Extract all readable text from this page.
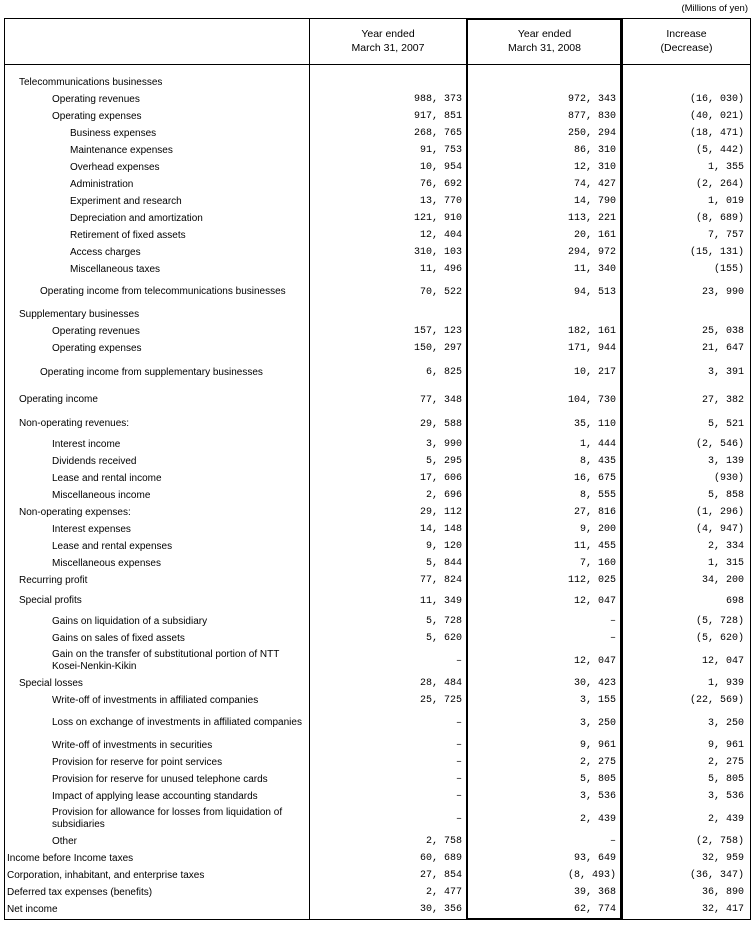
(Millions of yen)
Year ended
March 31, 2007
Year ended
March 31, 2008
Increase
(Decrease)
Telecommunications businesses
Operating revenues	988, 373	972, 343	(16, 030)
Operating expenses	917, 851	877, 830	(40, 021)
Business expenses	268, 765	250, 294	(18, 471)
Maintenance expenses	91, 753	86, 310	(5, 442)
Overhead expenses	10, 954	12, 310	1, 355
Administration	76, 692	74, 427	(2, 264)
Experiment and research	13, 770	14, 790	1, 019
Depreciation and amortization	121, 910	113, 221	(8, 689)
Retirement of fixed assets	12, 404	20, 161	7, 757
Access charges	310, 103	294, 972	(15, 131)
Miscellaneous taxes	11, 496	11, 340	(155)
Operating income from telecommunications businesses	70, 522	94, 513	23, 990
Supplementary businesses
Operating revenues	157, 123	182, 161	25, 038
Operating expenses	150, 297	171, 944	21, 647
Operating income from supplementary businesses	6, 825	10, 217	3, 391
Operating income	77, 348	104, 730	27, 382
Non-operating revenues:	29, 588	35, 110	5, 521
Interest income	3, 990	1, 444	(2, 546)
Dividends received	5, 295	8, 435	3, 139
Lease and rental income	17, 606	16, 675	(930)
Miscellaneous income	2, 696	8, 555	5, 858
Non-operating expenses:	29, 112	27, 816	(1, 296)
Interest expenses	14, 148	9, 200	(4, 947)
Lease and rental expenses	9, 120	11, 455	2, 334
Miscellaneous expenses	5, 844	7, 160	1, 315
Recurring profit	77, 824	112, 025	34, 200
Special profits	11, 349	12, 047	698
Gains on liquidation of a subsidiary	5, 728	–	(5, 728)
Gains on sales of fixed assets	5, 620	–	(5, 620)
Gain on the transfer of substitutional portion of NTT Kosei-Nenkin-Kikin	–	12, 047	12, 047
Special losses	28, 484	30, 423	1, 939
Write-off of investments in affiliated companies	25, 725	3, 155	(22, 569)
Loss on exchange of investments in affiliated companies	–	3, 250	3, 250
Write-off of investments in securities	–	9, 961	9, 961
Provision for reserve for point services	–	2, 275	2, 275
Provision for reserve for unused telephone cards	–	5, 805	5, 805
Impact of applying lease accounting standards	–	3, 536	3, 536
Provision for allowance for losses from liquidation of subsidiaries	–	2, 439	2, 439
Other	2, 758	–	(2, 758)
Income before Income taxes	60, 689	93, 649	32, 959
Corporation, inhabitant, and enterprise taxes	27, 854	(8, 493)	(36, 347)
Deferred tax expenses (benefits)	2, 477	39, 368	36, 890
Net income	30, 356	62, 774	32, 417
